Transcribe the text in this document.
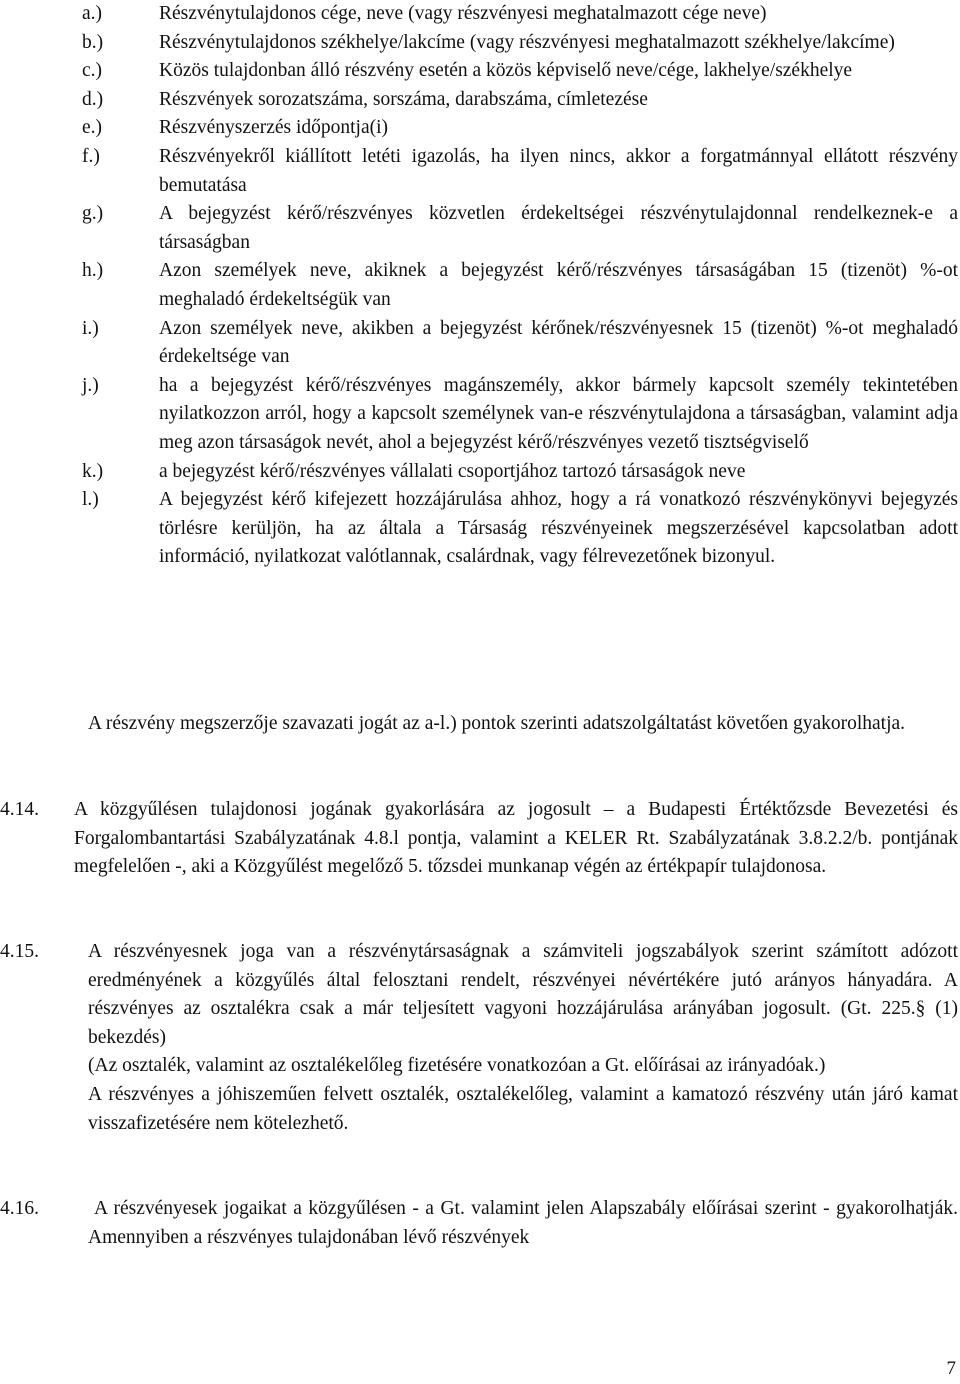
a.)	Részvénytulajdonos cége, neve (vagy részvényesi meghatalmazott cége neve)
b.)	Részvénytulajdonos székhelye/lakcíme (vagy részvényesi meghatalmazott székhelye/lakcíme)
c.)	Közös tulajdonban álló részvény esetén a közös képviselő neve/cége, lakhelye/székhelye
d.)	Részvények sorozatszáma, sorszáma, darabszáma, címletezése
e.)	Részvényszerzés időpontja(i)
f.)	Részvényekről kiállított letéti igazolás, ha ilyen nincs, akkor a forgatmánnyal ellátott részvény bemutatása
g.)	A bejegyzést kérő/részvényes közvetlen érdekeltségei részvénytulajdonnal rendelkeznek-e a társaságban
h.)	Azon személyek neve, akiknek a bejegyzést kérő/részvényes társaságában 15 (tizenöt) %-ot meghaladó érdekeltségük van
i.)	Azon személyek neve, akikben a bejegyzést kérőnek/részvényesnek 15 (tizenöt) %-ot meghaladó érdekeltsége van
j.)	ha a bejegyzést kérő/részvényes magánszemély, akkor bármely kapcsolt személy tekintetében nyilatkozzon arról, hogy a kapcsolt személynek van-e részvénytulajdona a társaságban, valamint adja meg azon társaságok nevét, ahol a bejegyzést kérő/részvényes vezető tisztségviselő
k.)	a bejegyzést kérő/részvényes vállalati csoportjához tartozó társaságok neve
l.)	A bejegyzést kérő kifejezett hozzájárulása ahhoz, hogy a rá vonatkozó részvénykönyvi bejegyzés törlésre kerüljön, ha az általa a Társaság részvényeinek megszerzésével kapcsolatban adott információ, nyilatkozat valótlannak, csalárdnak, vagy félrevezetőnek bizonyul.
A részvény megszerzője szavazati jogát az a-l.) pontok szerinti adatszolgáltatást követően gyakorolhatja.
4.14. A közgyűlésen tulajdonosi jogának gyakorlására az jogosult – a Budapesti Értéktőzsde Bevezetési és Forgalombantartási Szabályzatának 4.8.l pontja, valamint a KELER Rt. Szabályzatának 3.8.2.2/b. pontjának megfelelően -, aki a Közgyűlést megelőző 5. tőzsdei munkanap végén az értékpapír tulajdonosa.

4.15.	A részvényesnek joga van a részvénytársaságnak a számviteli jogszabályok szerint számított adózott eredményének a közgyűlés által felosztani rendelt, részvényei névértékére jutó arányos hányadára. A részvényes az osztalékra csak a már teljesített vagyoni hozzájárulása arányában jogosult. (Gt. 225.§ (1) bekezdés)

(Az osztalék, valamint az osztalékelőleg fizetésére vonatkozóan a Gt. előírásai az irányadóak.)

A részvényes a jóhiszeműen felvett osztalék, osztalékelőleg, valamint a kamatozó részvény után járó kamat visszafizetésére nem kötelezhető.

4.16.	A részvényesek jogaikat a közgyűlésen - a Gt. valamint jelen Alapszabály előírásai szerint - gyakorolhatják. Amennyiben a részvényes tulajdonában lévő részvények

7
